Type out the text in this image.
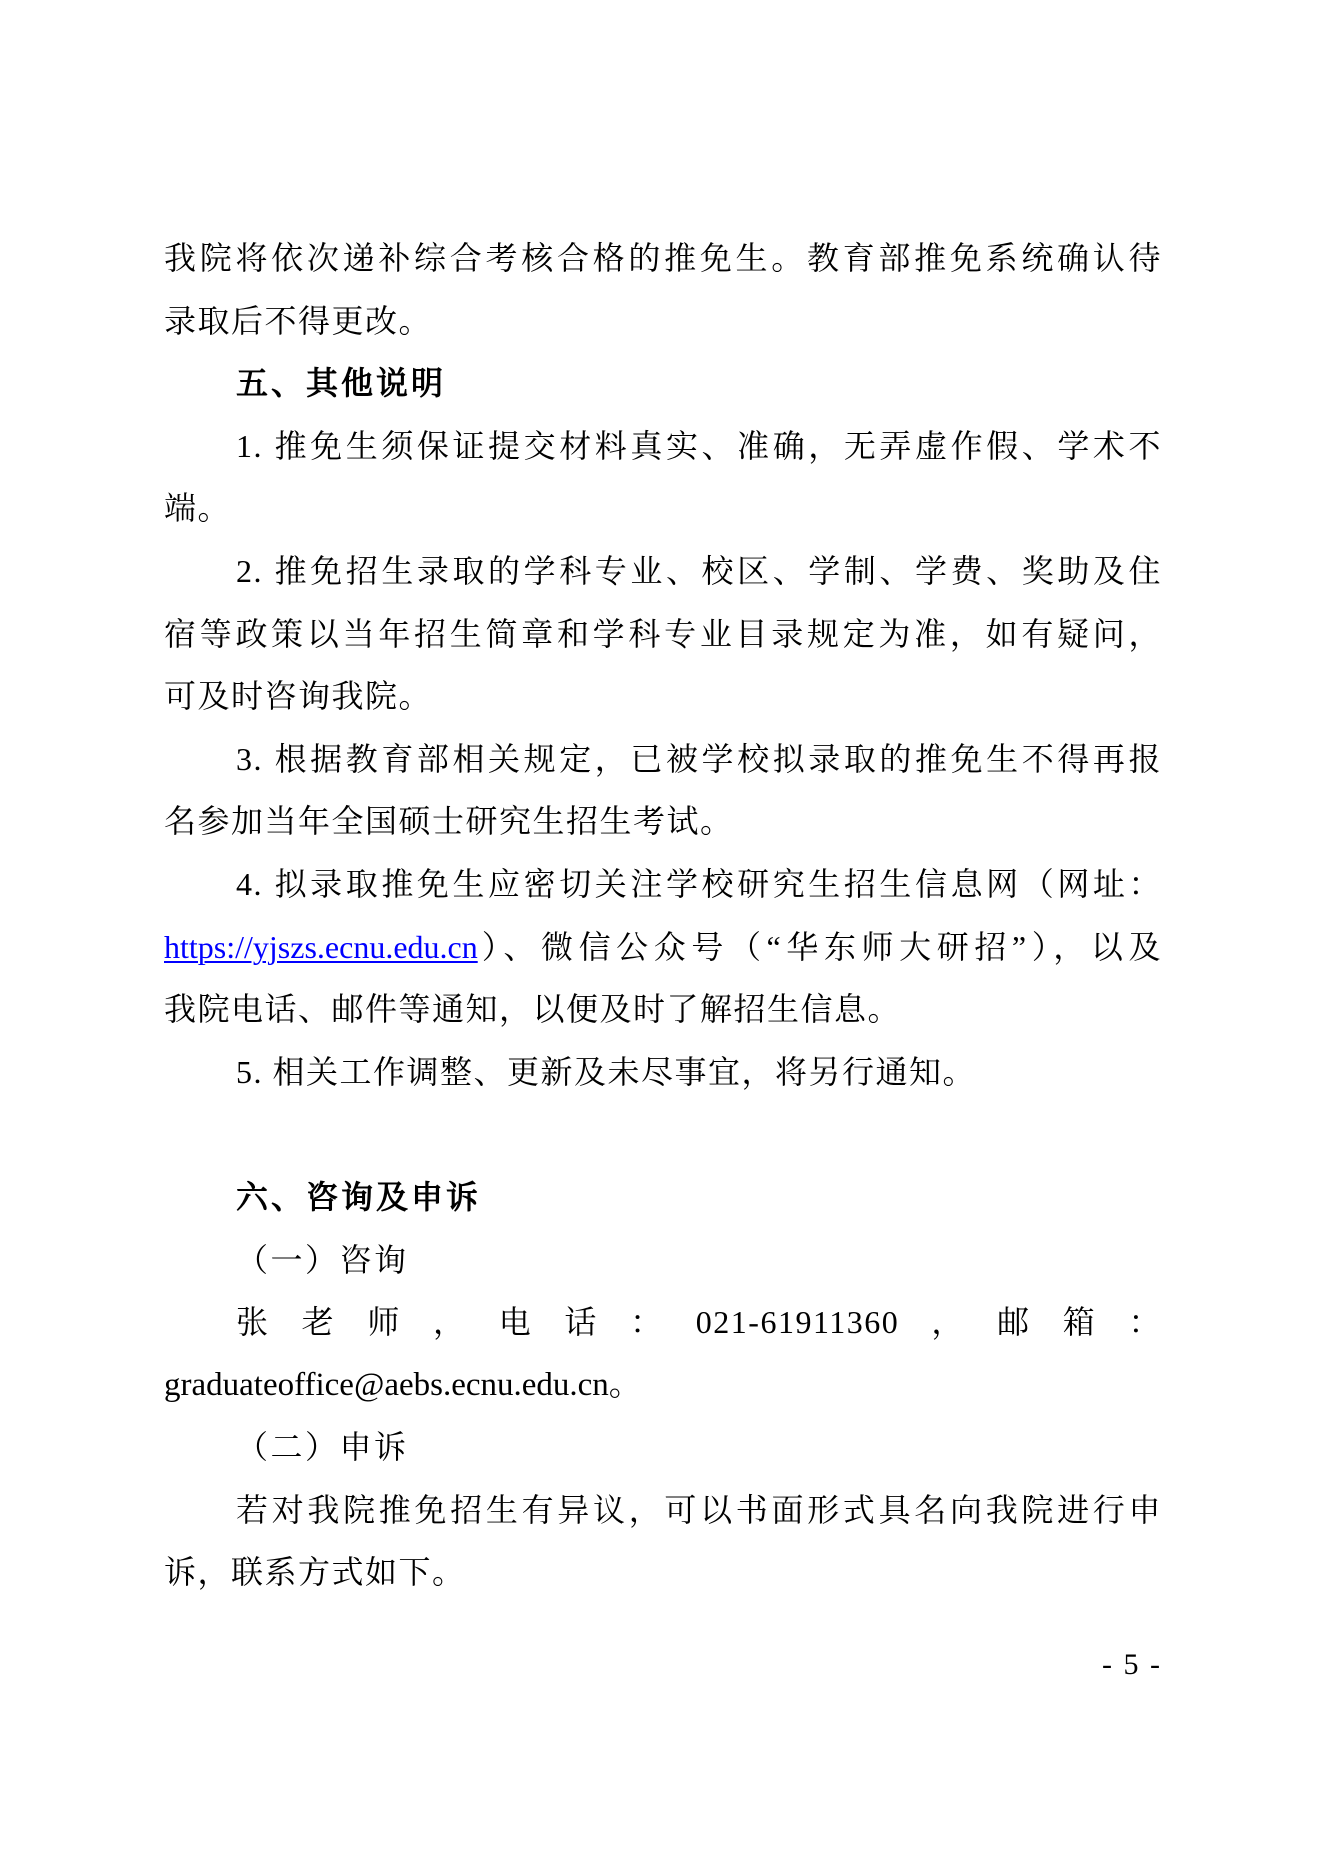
我院将依次递补综合考核合格的推免生。教育部推免系统确认待
录取后不得更改。
五、其他说明
1. 推免生须保证提交材料真实、准确，无弄虚作假、学术不
端。
2. 推免招生录取的学科专业、校区、学制、学费、奖助及住
宿等政策以当年招生简章和学科专业目录规定为准，如有疑问，
可及时咨询我院。
3. 根据教育部相关规定，已被学校拟录取的推免生不得再报
名参加当年全国硕士研究生招生考试。
4. 拟录取推免生应密切关注学校研究生招生信息网（网址：
https://yjszs.ecnu.edu.cn）、微信公众号（“华东师大研招”），以及
我院电话、邮件等通知，以便及时了解招生信息。
5. 相关工作调整、更新及未尽事宜，将另行通知。
六、咨询及申诉
（一）咨询
张老师，电话：021-61911360，邮箱：
graduateoffice@aebs.ecnu.edu.cn。
（二）申诉
若对我院推免招生有异议，可以书面形式具名向我院进行申
诉，联系方式如下。
- 5 -
